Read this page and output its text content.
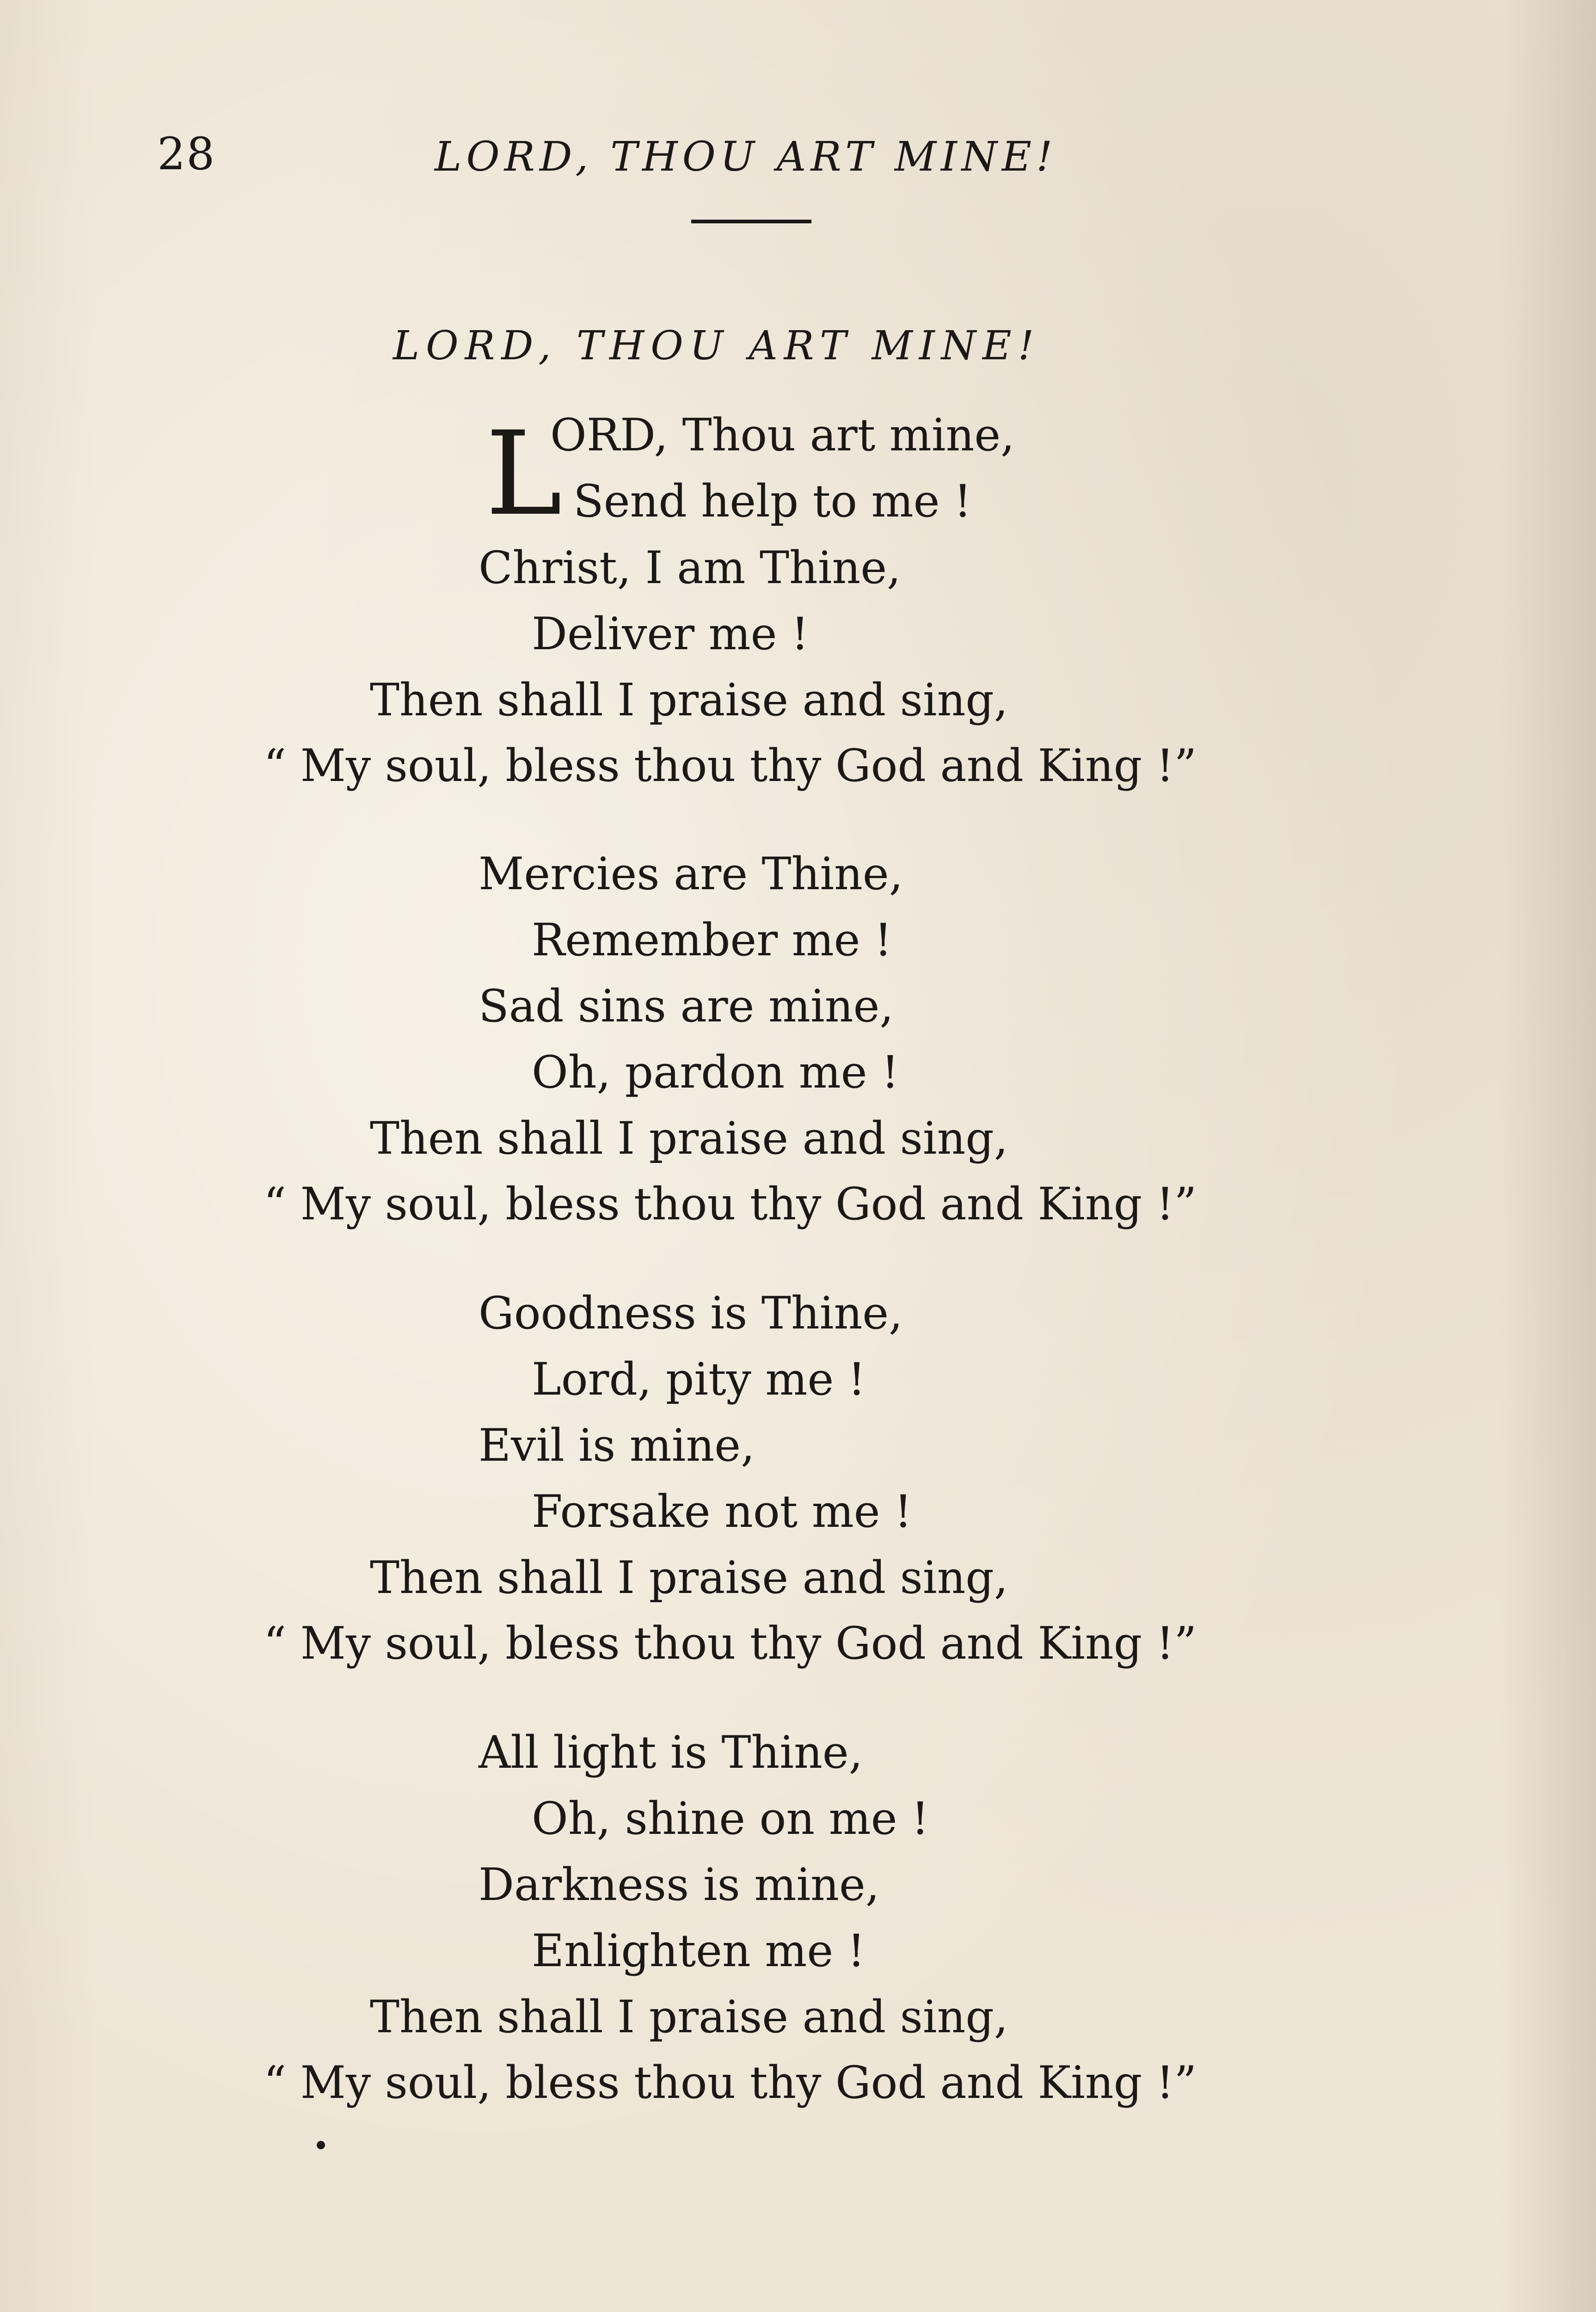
28	LORD, THOU ART MINE!
LORD, THOU ART MINE!
L
ORD, Thou art mine,
Send help to me !
Christ, I am Thine,
Deliver me !
Then shall I praise and sing,
“ My soul, bless thou thy God and King !”
Mercies are Thine,
Remember me !
Sad sins are mine,
Oh, pardon me !
Then shall I praise and sing,
“ My soul, bless thou thy God and King !”
Goodness is Thine,
Lord, pity me !
Evil is mine,
Forsake not me !
Then shall I praise and sing,
“ My soul, bless thou thy God and King !”
All light is Thine,
Oh, shine on me !
Darkness is mine,
Enlighten me !
Then shall I praise and sing,
“ My soul, bless thou thy God and King !”
